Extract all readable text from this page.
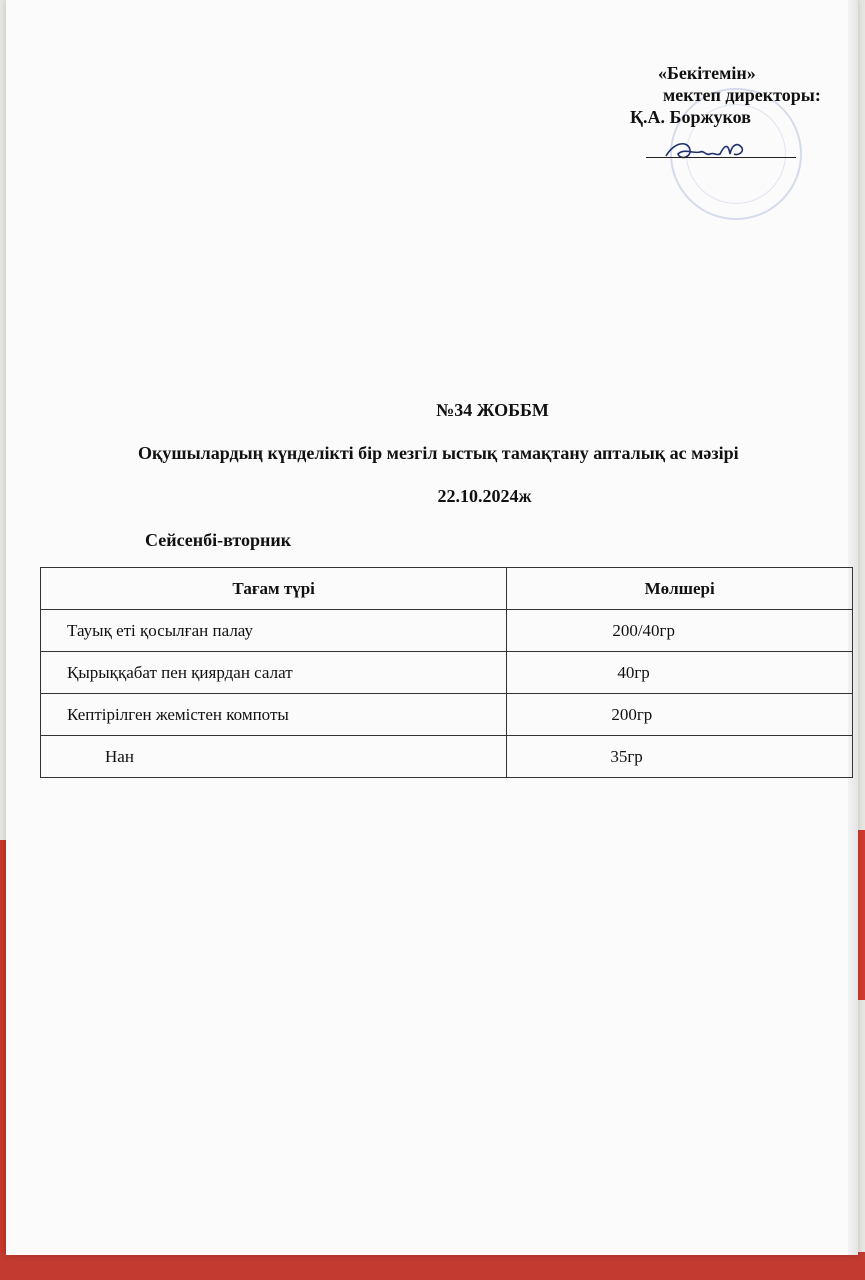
«Бекітемін»
мектеп директоры:
Қ.А. Боржуков
№34 ЖОББМ
Оқушылардың күнделікті бір мезгіл ыстық тамақтану апталық ас мәзірі
22.10.2024ж
Сейсенбі-вторник
Тағам түрі	Мөлшері
Тауық еті қосылған палау	200/40гр
Қырыққабат пен қиярдан салат	40гр
Кептірілген жемістен компоты	200гр
Нан	35гр
